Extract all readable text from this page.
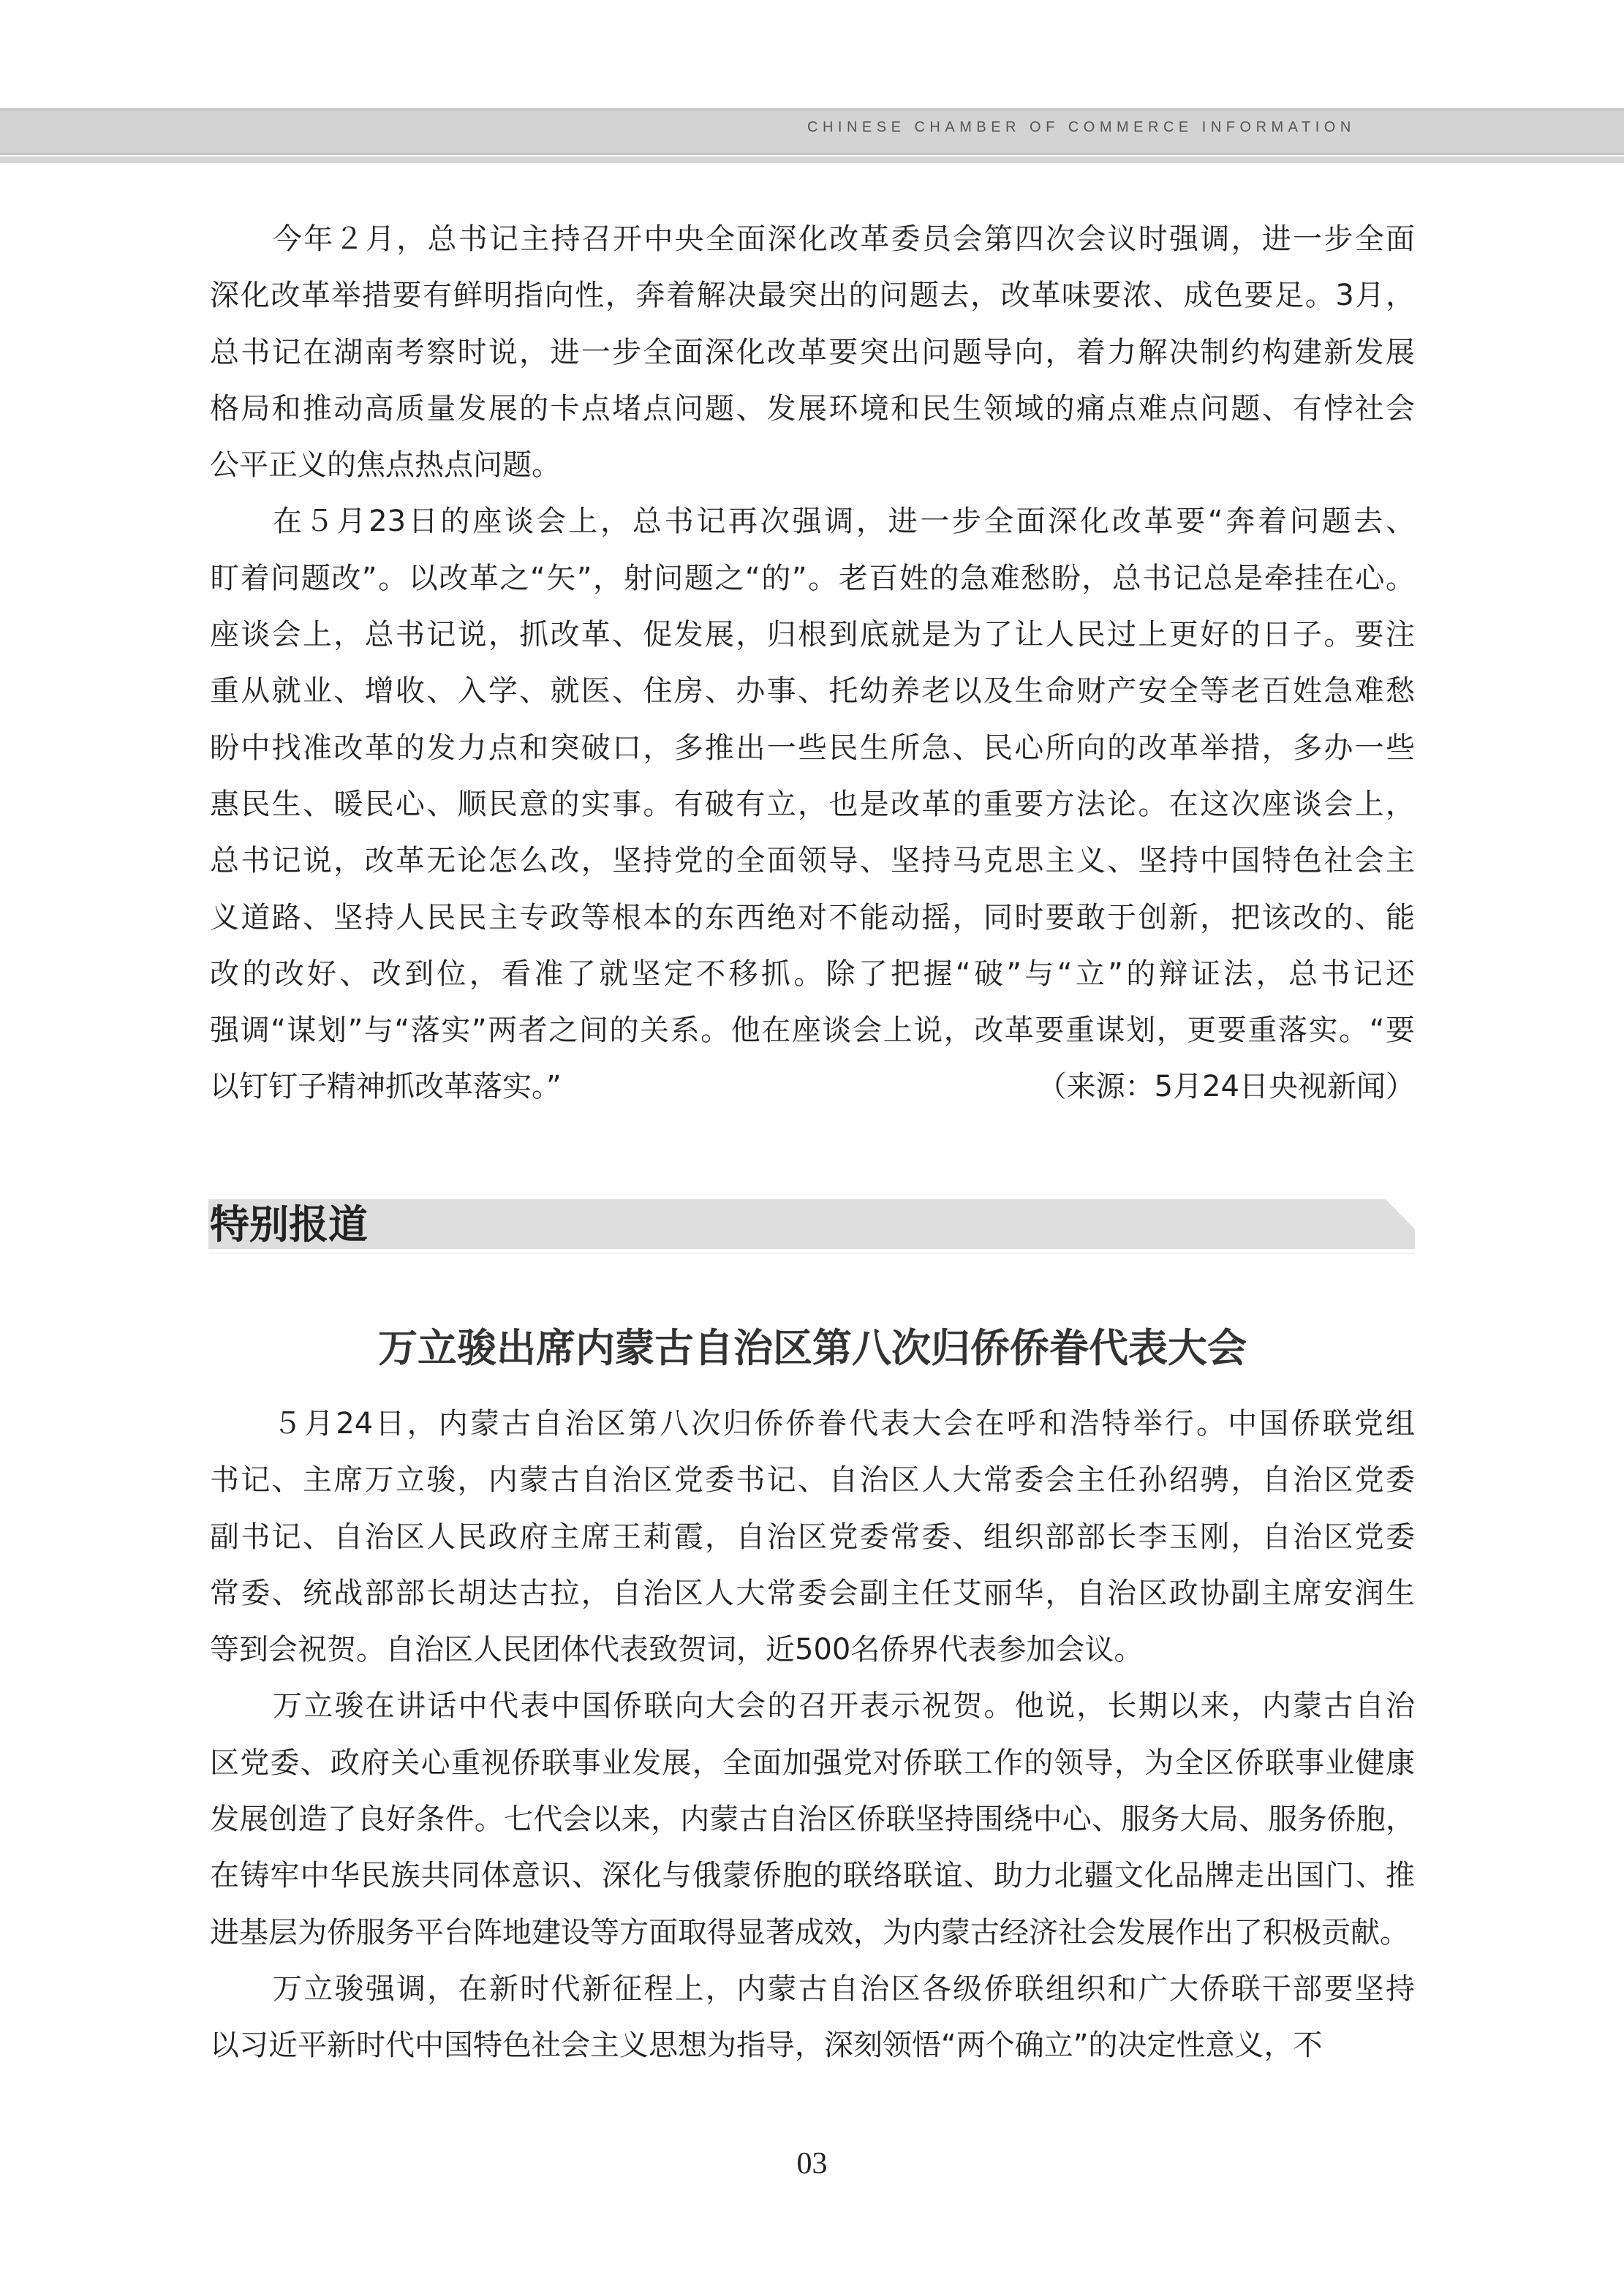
CHINESE CHAMBER OF COMMERCE INFORMATION
今年２月，总书记主持召开中央全面深化改革委员会第四次会议时强调，进一步全面
深化改革举措要有鲜明指向性，奔着解决最突出的问题去，改革味要浓、成色要足。3月，
总书记在湖南考察时说，进一步全面深化改革要突出问题导向，着力解决制约构建新发展
格局和推动高质量发展的卡点堵点问题、发展环境和民生领域的痛点难点问题、有悖社会
公平正义的焦点热点问题。
在５月23日的座谈会上，总书记再次强调，进一步全面深化改革要“奔着问题去、
盯着问题改”。以改革之“矢”，射问题之“的”。老百姓的急难愁盼，总书记总是牵挂在心。
座谈会上，总书记说，抓改革、促发展，归根到底就是为了让人民过上更好的日子。要注
重从就业、增收、入学、就医、住房、办事、托幼养老以及生命财产安全等老百姓急难愁
盼中找准改革的发力点和突破口，多推出一些民生所急、民心所向的改革举措，多办一些
惠民生、暖民心、顺民意的实事。有破有立，也是改革的重要方法论。在这次座谈会上，
总书记说，改革无论怎么改，坚持党的全面领导、坚持马克思主义、坚持中国特色社会主
义道路、坚持人民民主专政等根本的东西绝对不能动摇，同时要敢于创新，把该改的、能
改的改好、改到位，看准了就坚定不移抓。除了把握“破”与“立”的辩证法，总书记还
强调“谋划”与“落实”两者之间的关系。他在座谈会上说，改革要重谋划，更要重落实。“要
以钉钉子精神抓改革落实。”	（来源：5月24日央视新闻）
特别报道
万立骏出席内蒙古自治区第八次归侨侨眷代表大会
５月24日，内蒙古自治区第八次归侨侨眷代表大会在呼和浩特举行。中国侨联党组
书记、主席万立骏，内蒙古自治区党委书记、自治区人大常委会主任孙绍骋，自治区党委
副书记、自治区人民政府主席王莉霞，自治区党委常委、组织部部长李玉刚，自治区党委
常委、统战部部长胡达古拉，自治区人大常委会副主任艾丽华，自治区政协副主席安润生
等到会祝贺。自治区人民团体代表致贺词，近500名侨界代表参加会议。
万立骏在讲话中代表中国侨联向大会的召开表示祝贺。他说，长期以来，内蒙古自治
区党委、政府关心重视侨联事业发展，全面加强党对侨联工作的领导，为全区侨联事业健康
发展创造了良好条件。七代会以来，内蒙古自治区侨联坚持围绕中心、服务大局、服务侨胞，
在铸牢中华民族共同体意识、深化与俄蒙侨胞的联络联谊、助力北疆文化品牌走出国门、推
进基层为侨服务平台阵地建设等方面取得显著成效，为内蒙古经济社会发展作出了积极贡献。
万立骏强调，在新时代新征程上，内蒙古自治区各级侨联组织和广大侨联干部要坚持
以习近平新时代中国特色社会主义思想为指导，深刻领悟“两个确立”的决定性意义，不
03
